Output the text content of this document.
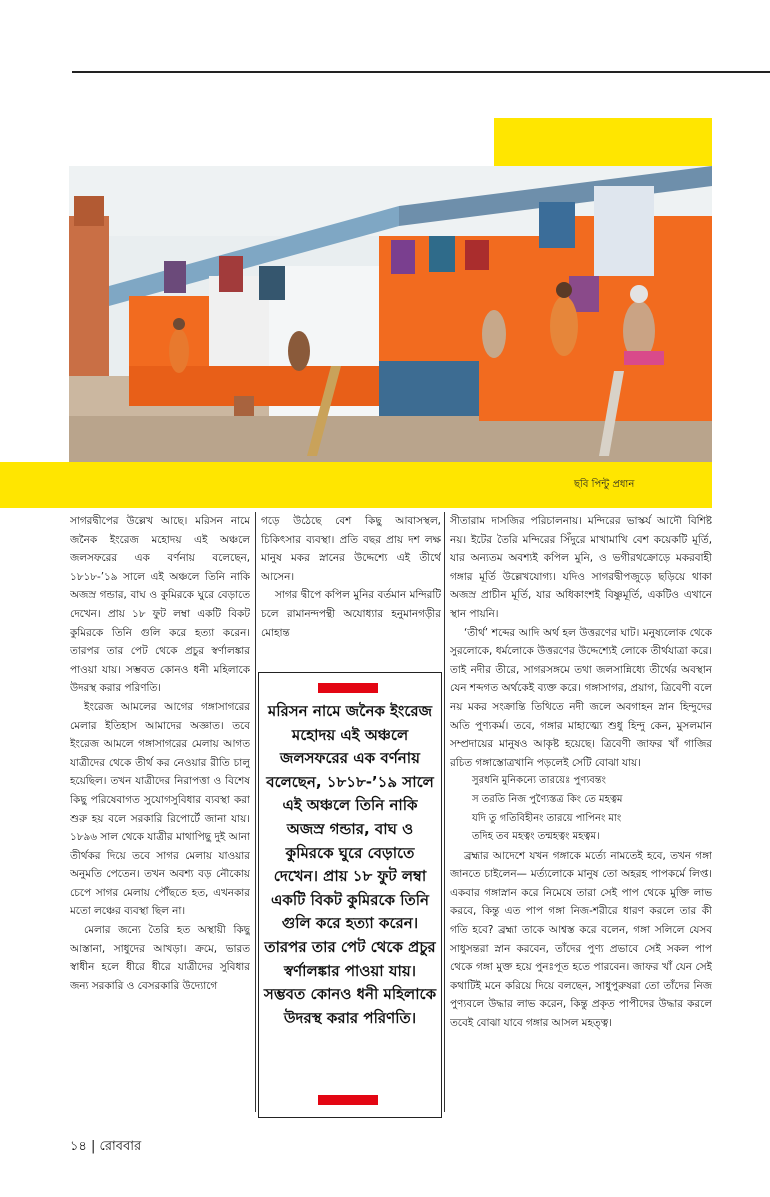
ছবি পিন্টু প্রধান

সাগরদ্বীপের উল্লেখ আছে। মরিসন নামে জনৈক ইংরেজ মহোদয় এই অঞ্চলে জলসফরের এক বর্ণনায় বলেছেন, ১৮১৮-’১৯ সালে এই অঞ্চলে তিনি নাকি অজস্র গন্ডার, বাঘ ও কুমিরকে ঘুরে বেড়াতে দেখেন। প্রায় ১৮ ফুট লম্বা একটি বিকট কুমিরকে তিনি গুলি করে হত্যা করেন। তারপর তার পেট থেকে প্রচুর স্বর্ণালঙ্কার পাওয়া যায়। সম্ভবত কোনও ধনী মহিলাকে উদরস্থ করার পরিণতি।

ইংরেজ আমলের আগের গঙ্গাসাগরের মেলার ইতিহাস আমাদের অজ্ঞাত। তবে ইংরেজ আমলে গঙ্গাসাগরের মেলায় আগত যাত্রীদের থেকে তীর্থ কর নেওয়ার রীতি চালু হয়েছিল। তখন যাত্রীদের নিরাপত্তা ও বিশেষ কিছু পরিষেবাগত সুযোগসুবিধার ব্যবস্থা করা শুরু হয় বলে সরকারি রিপোর্টে জানা যায়। ১৮৯৬ সাল থেকে যাত্রীর মাথাপিছু দুই আনা তীর্থকর দিয়ে তবে সাগর মেলায় যাওয়ার অনুমতি পেতেন। তখন অবশ্য বড় নৌকোয় চেপে সাগর মেলায় পৌঁছতে হত, এখনকার মতো লঞ্চের ব্যবস্থা ছিল না।

মেলার জন্যে তৈরি হত অস্থায়ী কিছু আস্তানা, সাধুদের আখড়া। ক্রমে, ভারত স্বাধীন হলে ধীরে ধীরে যাত্রীদের সুবিধার জন্য সরকারি ও বেসরকারি উদ্যোগে

গড়ে উঠেছে বেশ কিছু আবাসস্থল, চিকিৎসার ব্যবস্থা। প্রতি বছর প্রায় দশ লক্ষ মানুষ মকর স্নানের উদ্দেশ্যে এই তীর্থে আসেন।

সাগর দ্বীপে কপিল মুনির বর্তমান মন্দিরটি চলে রামানন্দপন্থী অযোধ্যার হনুমানগড়ীর মোহান্ত

মরিসন নামে জনৈক ইংরেজ মহোদয় এই অঞ্চলে জলসফরের এক বর্ণনায় বলেছেন, ১৮১৮-’১৯ সালে এই অঞ্চলে তিনি নাকি অজস্র গন্ডার, বাঘ ও কুমিরকে ঘুরে বেড়াতে দেখেন। প্রায় ১৮ ফুট লম্বা একটি বিকট কুমিরকে তিনি গুলি করে হত্যা করেন। তারপর তার পেট থেকে প্রচুর স্বর্ণালঙ্কার পাওয়া যায়। সম্ভবত কোনও ধনী মহিলাকে উদরস্থ করার পরিণতি।

সীতারাম দাসজির পরিচালনায়। মন্দিরের ভাস্কর্য আদৌ বিশিষ্ট নয়। ইটের তৈরি মন্দিরের সিঁদুরে মাখামাখি বেশ কয়েকটি মূর্তি, যার অন্যতম অবশ্যই কপিল মুনি, ও ভগীরথক্রোড়ে মকরবাহী গঙ্গার মূর্তি উল্লেখযোগ্য। যদিও সাগরদ্বীপজুড়ে ছড়িয়ে থাকা অজস্র প্রাচীন মূর্তি, যার অধিকাংশই বিষ্ণুমূর্তি, একটিও এখানে স্থান পায়নি।

‘তীর্থ’ শব্দের আদি অর্থ হল উত্তরণের ঘাট। মনুষ্যলোক থেকে সুরলোকে, ধর্মলোকে উত্তরণের উদ্দেশ্যেই লোকে তীর্থযাত্রা করে। তাই নদীর তীরে, সাগরসঙ্গমে তথা জলসান্নিধ্যে তীর্থের অবস্থান যেন শব্দগত অর্থকেই ব্যক্ত করে। গঙ্গাসাগর, প্রয়াগ, ত্রিবেণী বলে নয় মকর সংক্রান্তি তিথিতে নদী জলে অবগাহন স্নান হিন্দুদের অতি পুণ্যকর্ম। তবে, গঙ্গার মাহাত্ম্যে শুধু হিন্দু কেন, মুসলমান সম্প্রদায়ের মানুষও আকৃষ্ট হয়েছে। ত্রিবেণী জাফর খাঁ গাজির রচিত গঙ্গাস্তোত্রখানি পড়লেই সেটি বোঝা যায়।

সুরধনি মুনিকন্যে তারয়েঃ পুণ্যবন্তং
স তরতি নিজ পুণ্যৈস্তত্র কিং তে মহত্বম
যদি তু গতিবিহীনং তারয়ে পাপিনং মাং
তদিহ তব মহত্বং তন্মহত্বং মহত্বম।

ব্রহ্মার আদেশে যখন গঙ্গাকে মর্ত্যে নামতেই হবে, তখন গঙ্গা জানতে চাইলেন— মর্ত্যলোকে মানুষ তো অহরহ পাপকর্মে লিপ্ত। একবার গঙ্গাস্নান করে নিমেষে তারা সেই পাপ থেকে মুক্তি লাভ করবে, কিন্তু এত পাপ গঙ্গা নিজ-শরীরে ধারণ করলে তার কী গতি হবে? ব্রহ্মা তাকে আশ্বস্ত করে বলেন, গঙ্গা সলিলে যেসব সাধুসন্তরা স্নান করবেন, তাঁদের পুণ্য প্রভাবে সেই সকল পাপ থেকে গঙ্গা মুক্ত হয়ে পুনঃপূত হতে পারবেন। জাফর খাঁ যেন সেই কথাটিই মনে করিয়ে দিয়ে বলছেন, সাধুপুরুষরা তো তাঁদের নিজ পুণ্যবলে উদ্ধার লাভ করেন, কিন্তু প্রকৃত পাপীদের উদ্ধার করলে তবেই বোঝা যাবে গঙ্গার আসল মহত্ত্ব।

১৪ | রোববার
